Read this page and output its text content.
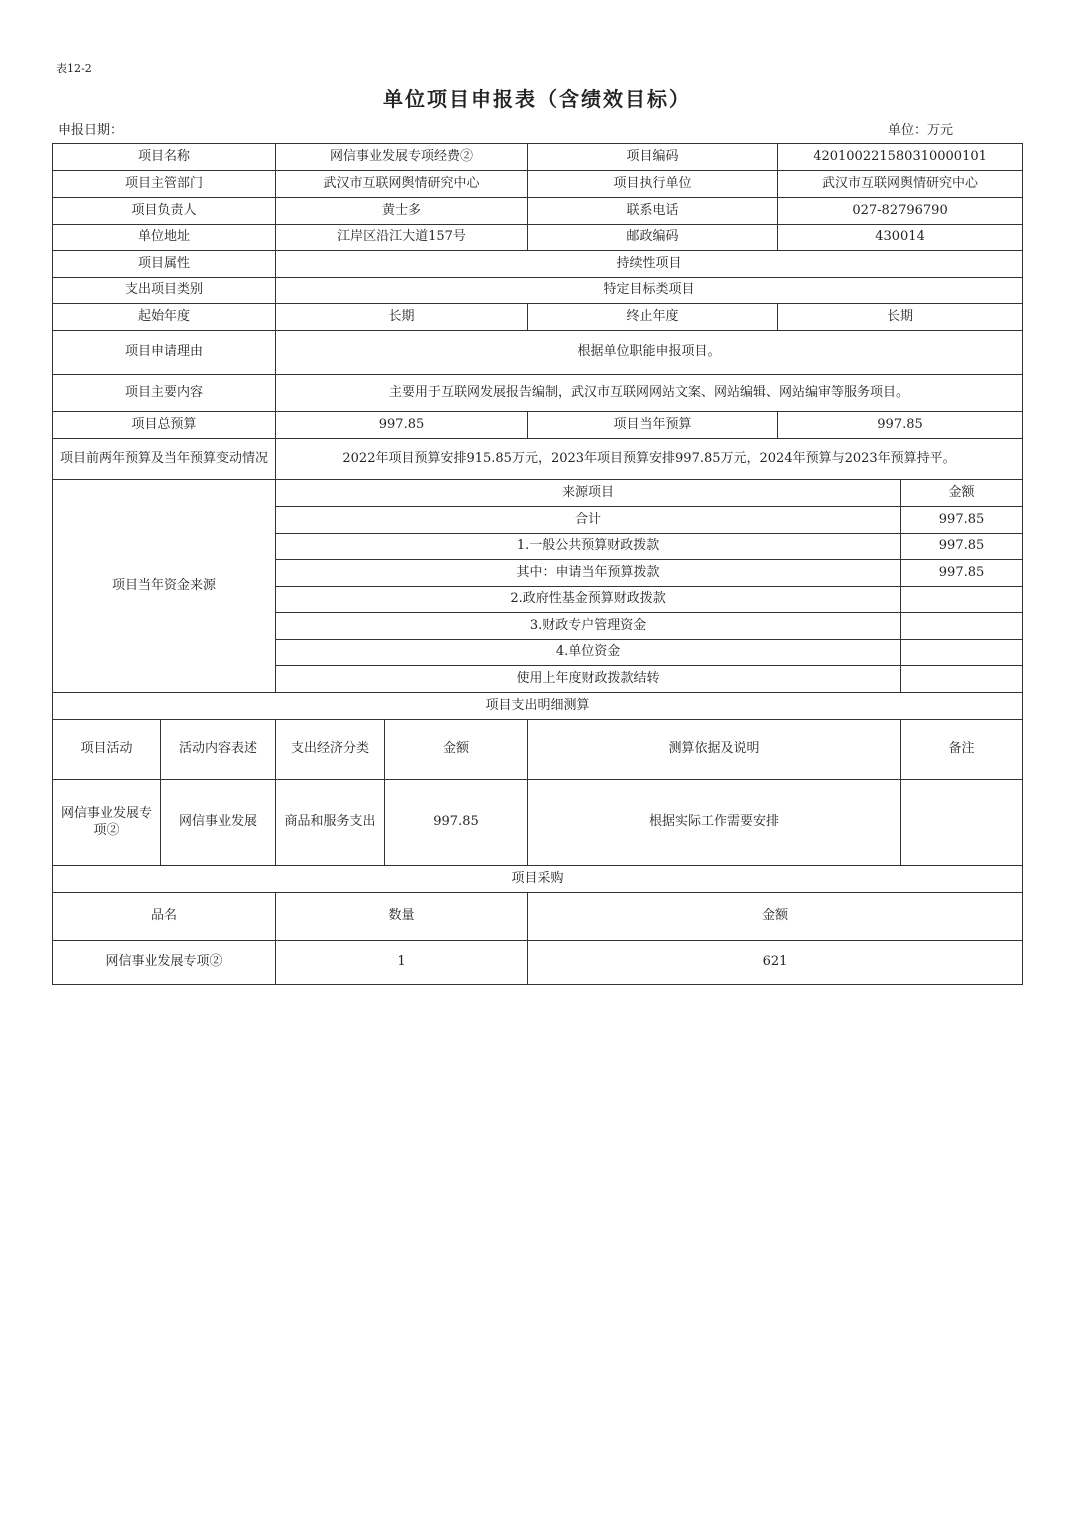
表12-2
单位项目申报表（含绩效目标）
申报日期：	单位：万元
项目名称		网信事业发展专项经费②		项目编码	42010022158031000010​1	
项目主管部门		武汉市互联网舆情研究中心		项目执行单位	武汉市互联网舆情研究中心	
项目负责人		黄士多		联系电话	027-82796790	
单位地址		江岸区沿江大道157号		邮政编码	430014	
项目属性		持续性项目				
支出项目类别		特定目标类项目				
起始年度		长期		终止年度	长期	
项目申请理由		根据单位职能申报项目。				
项目主要内容		主要用于互联网发展报告编制，武汉市互联网网站文案、网站编辑、网站编审等服务项目。				
项目总预算		997.85		项目当年预算	997.85	
项目前两年预算及当年预算变动情况		2022年项目预算安排915.85万元，2023年项目预算安排997.85万元，2024年预算与2023年预算持平。				
项目当年资金来源		来源项目				金额
		合计				997.85
		1.一般公共预算财政拨款				997.85
		其中：申请当年预算拨款				997.85
		2.政府性基金预算财政拨款				
		3.财政专户管理资金				
		4.单位资金				
		使用上年度财政拨款结转				
项目支出明细测算						
项目活动	活动内容表述	支出经济分类	金额	测算依据及说明		备注
网信事业发展专项②	网信事业发展	商品和服务支出	997.85	根据实际工作需要安排		
项目采购						
品名		数量		金额		
网信事业发展专项②		1		621		
